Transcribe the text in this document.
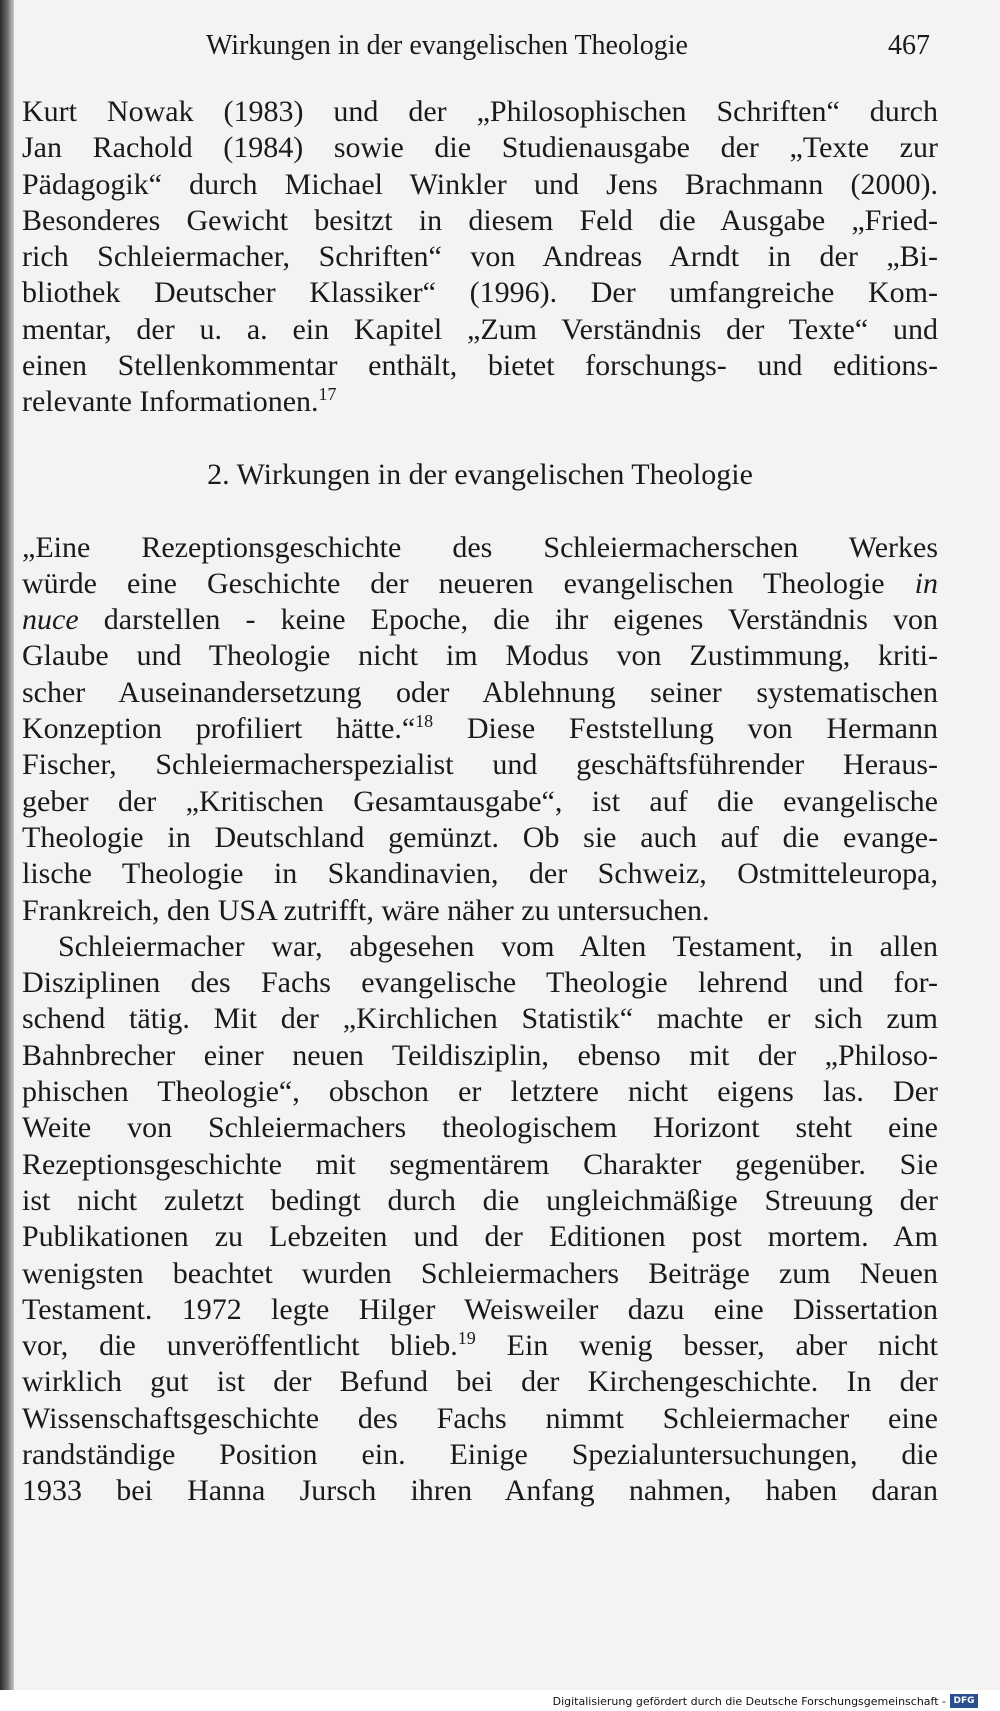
Wirkungen in der evangelischen Theologie	467
Kurt Nowak (1983) und der „Philosophischen Schriften“ durch
Jan Rachold (1984) sowie die Studienausgabe der „Texte zur
Pädagogik“ durch Michael Winkler und Jens Brachmann (2000).
Besonderes Gewicht besitzt in diesem Feld die Ausgabe „Fried-
rich Schleiermacher, Schriften“ von Andreas Arndt in der „Bi-
bliothek Deutscher Klassiker“ (1996). Der umfangreiche Kom-
mentar, der u. a. ein Kapitel „Zum Verständnis der Texte“ und
einen Stellenkommentar enthält, bietet forschungs- und editions-
relevante Informationen.$^{17}$
2. Wirkungen in der evangelischen Theologie
„Eine Rezeptionsgeschichte des Schleiermacherschen Werkes
würde eine Geschichte der neueren evangelischen Theologie in
nuce darstellen - keine Epoche, die ihr eigenes Verständnis von
Glaube und Theologie nicht im Modus von Zustimmung, kriti-
scher Auseinandersetzung oder Ablehnung seiner systematischen
Konzeption profiliert hätte.“$^{18}$ Diese Feststellung von Hermann
Fischer, Schleiermacherspezialist und geschäftsführender Heraus-
geber der „Kritischen Gesamtausgabe“, ist auf die evangelische
Theologie in Deutschland gemünzt. Ob sie auch auf die evange-
lische Theologie in Skandinavien, der Schweiz, Ostmitteleuropa,
Frankreich, den USA zutrifft, wäre näher zu untersuchen.
Schleiermacher war, abgesehen vom Alten Testament, in allen
Disziplinen des Fachs evangelische Theologie lehrend und for-
schend tätig. Mit der „Kirchlichen Statistik“ machte er sich zum
Bahnbrecher einer neuen Teildisziplin, ebenso mit der „Philoso-
phischen Theologie“, obschon er letztere nicht eigens las. Der
Weite von Schleiermachers theologischem Horizont steht eine
Rezeptionsgeschichte mit segmentärem Charakter gegenüber. Sie
ist nicht zuletzt bedingt durch die ungleichmäßige Streuung der
Publikationen zu Lebzeiten und der Editionen post mortem. Am
wenigsten beachtet wurden Schleiermachers Beiträge zum Neuen
Testament. 1972 legte Hilger Weisweiler dazu eine Dissertation
vor, die unveröffentlicht blieb.$^{19}$ Ein wenig besser, aber nicht
wirklich gut ist der Befund bei der Kirchengeschichte. In der
Wissenschaftsgeschichte des Fachs nimmt Schleiermacher eine
randständige Position ein. Einige Spezialuntersuchungen, die
1933 bei Hanna Jursch ihren Anfang nahmen, haben daran
Digitalisierung gefördert durch die Deutsche Forschungsgemeinschaft - DFG
